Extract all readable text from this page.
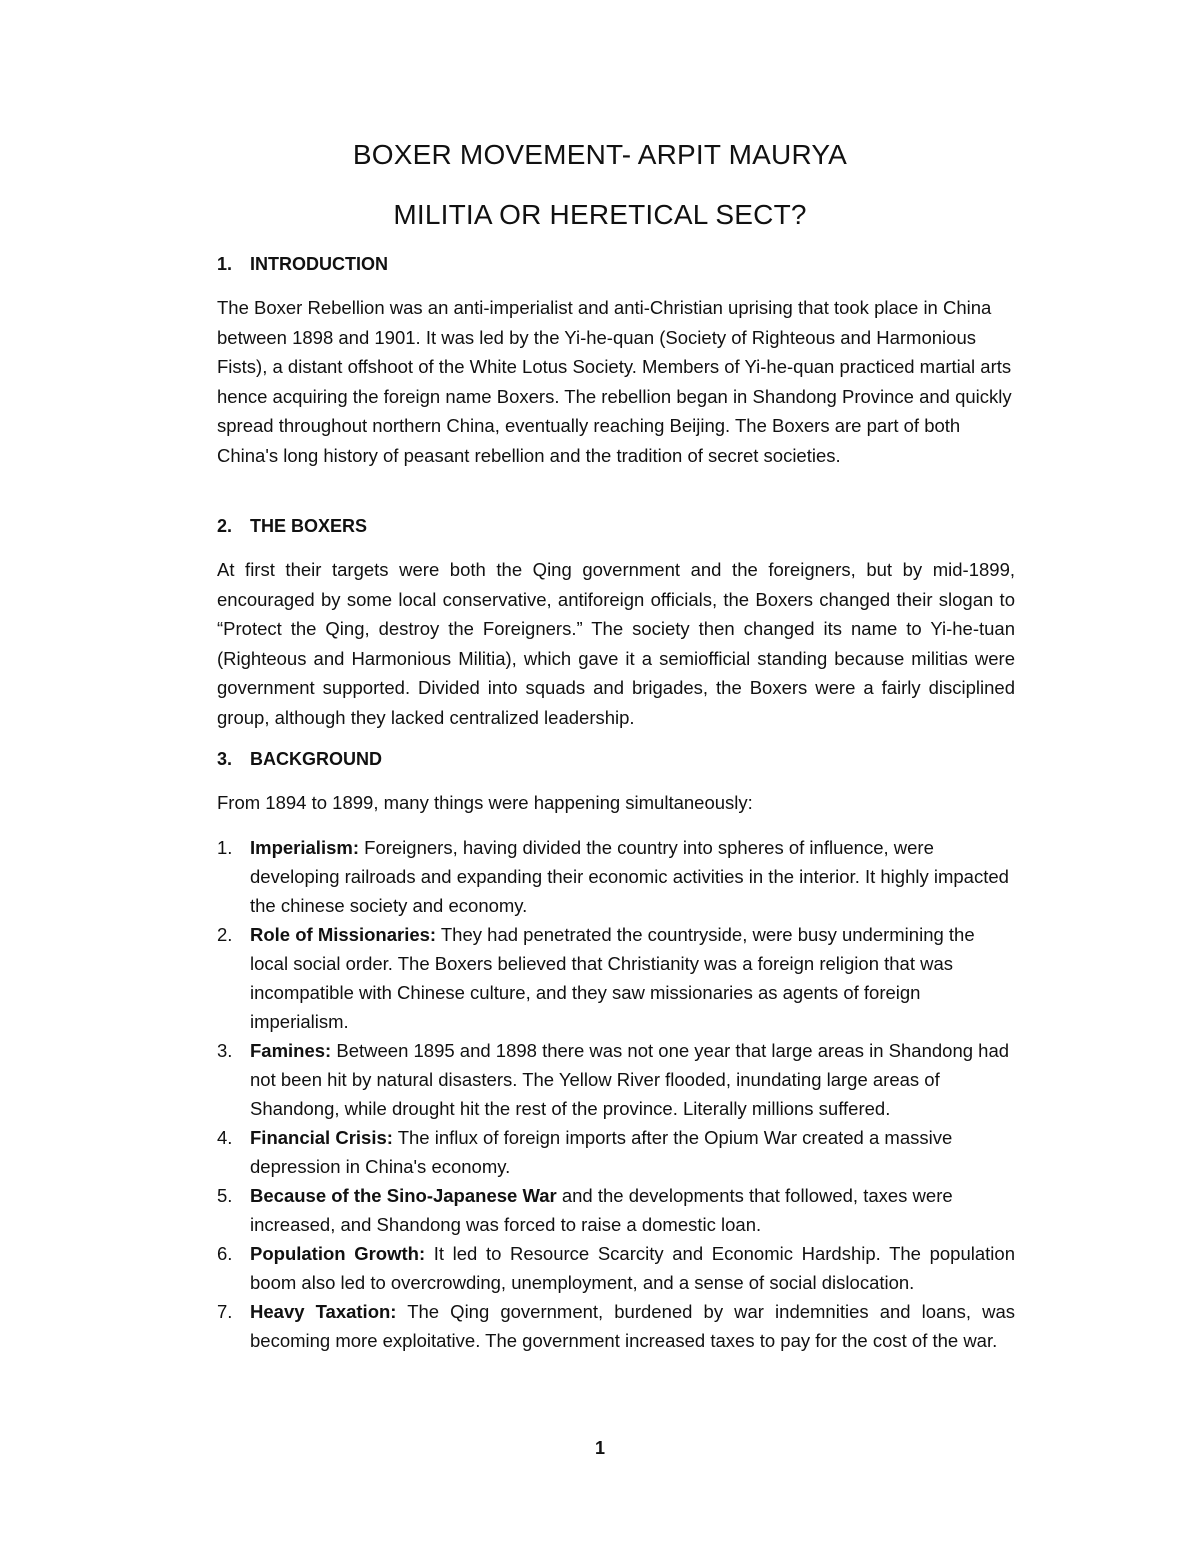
BOXER MOVEMENT- ARPIT MAURYA
MILITIA OR HERETICAL SECT?
1. INTRODUCTION

The Boxer Rebellion was an anti-imperialist and anti-Christian uprising that took place in China between 1898 and 1901. It was led by the Yi-he-quan (Society of Righteous and Harmonious Fists), a distant offshoot of the White Lotus Society. Members of Yi-he-quan practiced martial arts hence acquiring the foreign name Boxers. The rebellion began in Shandong Province and quickly spread throughout northern China, eventually reaching Beijing. The Boxers are part of both China's long history of peasant rebellion and the tradition of secret societies.

2. THE BOXERS

At first their targets were both the Qing government and the foreigners, but by mid-1899, encouraged by some local conservative, antiforeign officials, the Boxers changed their slogan to “Protect the Qing, destroy the Foreigners.” The society then changed its name to Yi-he-tuan (Righteous and Harmonious Militia), which gave it a semiofficial standing because militias were government supported. Divided into squads and brigades, the Boxers were a fairly disciplined group, although they lacked centralized leadership.

3. BACKGROUND

From 1894 to 1899, many things were happening simultaneously:

1. Imperialism: Foreigners, having divided the country into spheres of influence, were developing railroads and expanding their economic activities in the interior. It highly impacted the chinese society and economy.
2. Role of Missionaries: They had penetrated the countryside, were busy undermining the local social order. The Boxers believed that Christianity was a foreign religion that was incompatible with Chinese culture, and they saw missionaries as agents of foreign imperialism.
3. Famines: Between 1895 and 1898 there was not one year that large areas in Shandong had not been hit by natural disasters. The Yellow River flooded, inundating large areas of Shandong, while drought hit the rest of the province. Literally millions suffered.
4. Financial Crisis: The influx of foreign imports after the Opium War created a massive depression in China's economy.
5. Because of the Sino-Japanese War and the developments that followed, taxes were increased, and Shandong was forced to raise a domestic loan.
6. Population Growth: It led to Resource Scarcity and Economic Hardship. The population boom also led to overcrowding, unemployment, and a sense of social dislocation.
7. Heavy Taxation: The Qing government, burdened by war indemnities and loans, was becoming more exploitative. The government increased taxes to pay for the cost of the war.
1
